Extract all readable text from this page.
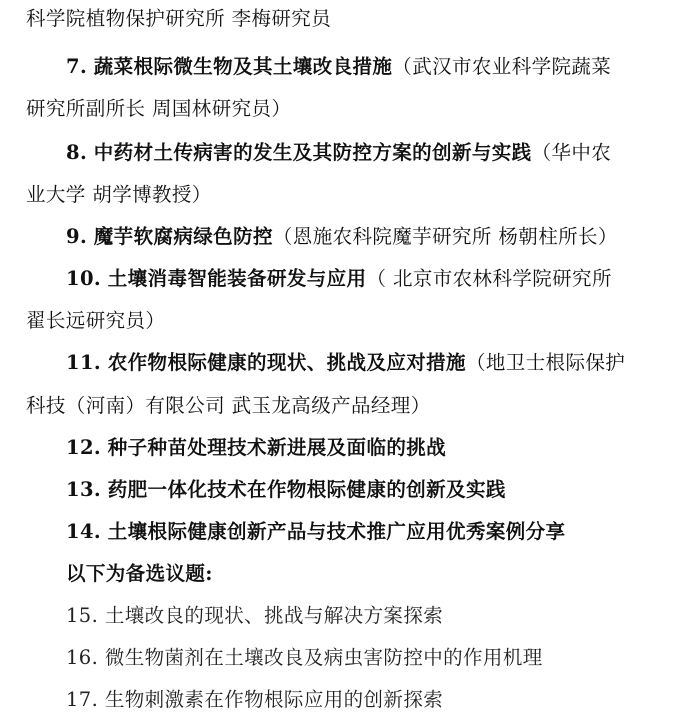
科学院植物保护研究所 李梅研究员
7. 蔬菜根际微生物及其土壤改良措施（武汉市农业科学院蔬菜
研究所副所长 周国林研究员）
8. 中药材土传病害的发生及其防控方案的创新与实践（华中农
业大学 胡学博教授）
9. 魔芋软腐病绿色防控（恩施农科院魔芋研究所 杨朝柱所长）
10. 土壤消毒智能装备研发与应用（ 北京市农林科学院研究所
翟长远研究员）
11. 农作物根际健康的现状、挑战及应对措施（地卫士根际保护
科技（河南）有限公司 武玉龙高级产品经理）
12. 种子种苗处理技术新进展及面临的挑战
13. 药肥一体化技术在作物根际健康的创新及实践
14. 土壤根际健康创新产品与技术推广应用优秀案例分享
以下为备选议题:
15. 土壤改良的现状、挑战与解决方案探索
16. 微生物菌剂在土壤改良及病虫害防控中的作用机理
17. 生物刺激素在作物根际应用的创新探索
